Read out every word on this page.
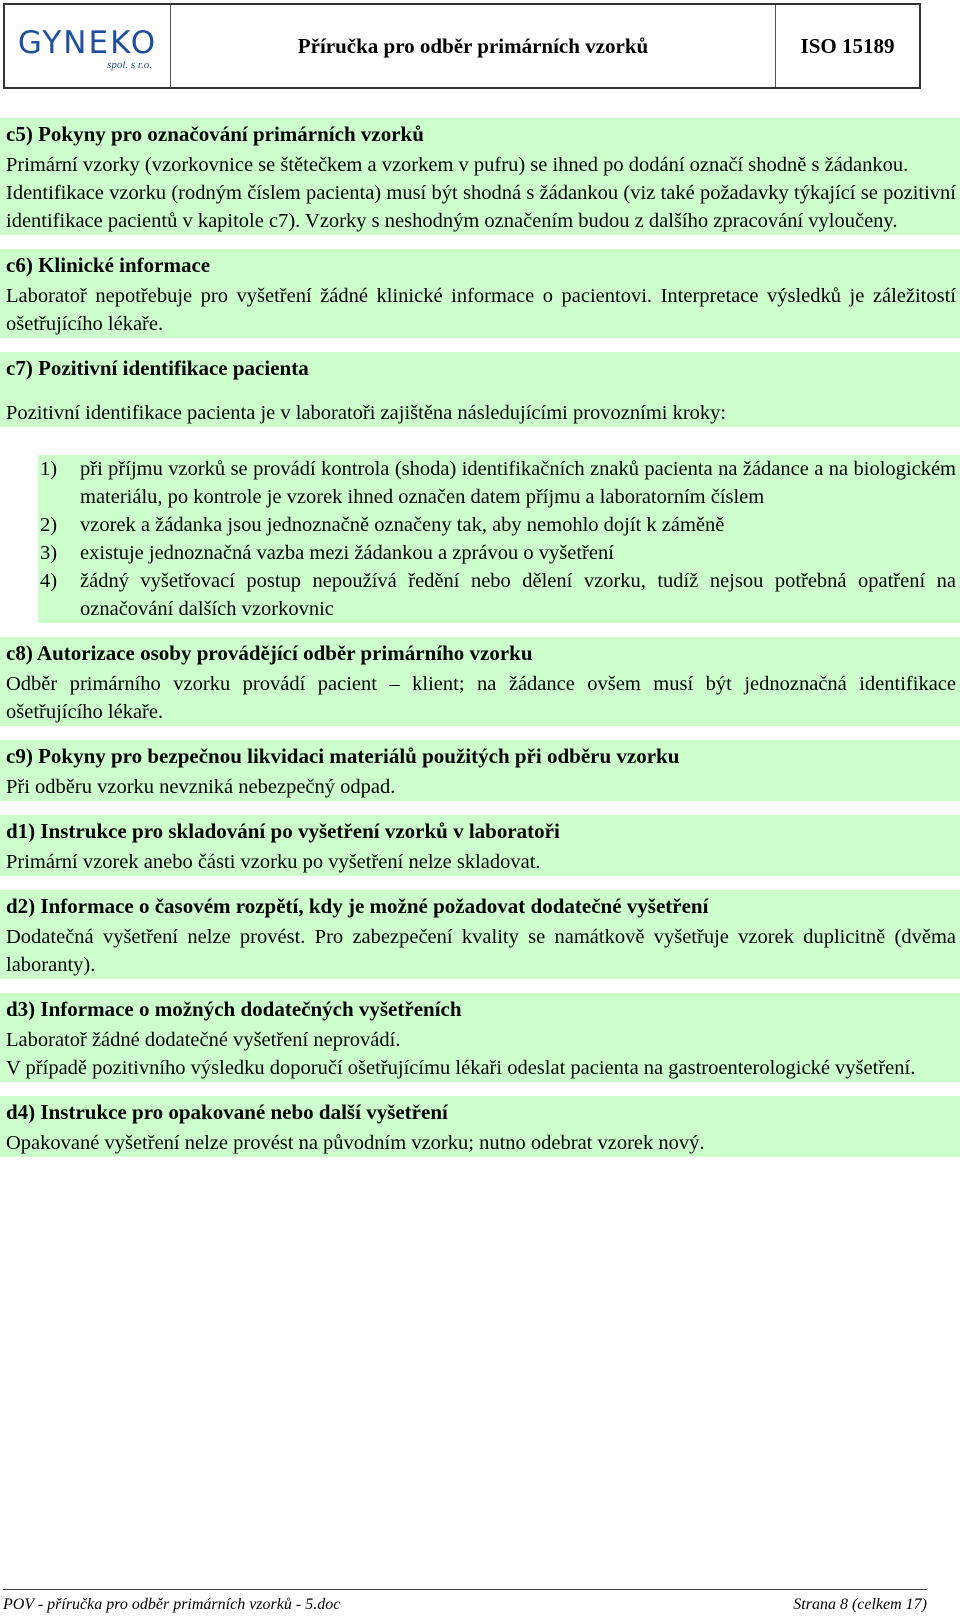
GYNEKO
spol. s r.o.
Příručka pro odběr primárních vzorků	ISO 15189
c5) Pokyny pro označování primárních vzorků

Primární vzorky (vzorkovnice se štětečkem a vzorkem v pufru) se ihned po dodání označí shodně s žádankou.

Identifikace vzorku (rodným číslem pacienta) musí být shodná s žádankou (viz také požadavky týkající se pozitivní identifikace pacientů v kapitole c7). Vzorky s neshodným označením budou z dalšího zpracování vyloučeny.

c6) Klinické informace

Laboratoř nepotřebuje pro vyšetření žádné klinické informace o pacientovi. Interpretace výsledků je záležitostí ošetřujícího lékaře.

c7) Pozitivní identifikace pacienta

Pozitivní identifikace pacienta je v laboratoři zajištěna následujícími provozními kroky:

1)	při příjmu vzorků se provádí kontrola (shoda) identifikačních znaků pacienta na žádance a na biologickém materiálu, po kontrole je vzorek ihned označen datem příjmu a laboratorním číslem
2)	vzorek a žádanka jsou jednoznačně označeny tak, aby nemohlo dojít k záměně
3)	existuje jednoznačná vazba mezi žádankou a zprávou o vyšetření
4)	žádný vyšetřovací postup nepoužívá ředění nebo dělení vzorku, tudíž nejsou potřebná opatření na označování dalších vzorkovnic
c8) Autorizace osoby provádějící odběr primárního vzorku

Odběr primárního vzorku provádí pacient – klient; na žádance ovšem musí být jednoznačná identifikace ošetřujícího lékaře.

c9) Pokyny pro bezpečnou likvidaci materiálů použitých při odběru vzorku

Při odběru vzorku nevzniká nebezpečný odpad.

d1) Instrukce pro skladování po vyšetření vzorků v laboratoři

Primární vzorek anebo části vzorku po vyšetření nelze skladovat.

d2) Informace o časovém rozpětí, kdy je možné požadovat dodatečné vyšetření

Dodatečná vyšetření nelze provést. Pro zabezpečení kvality se namátkově vyšetřuje vzorek duplicitně (dvěma laboranty).

d3) Informace o možných dodatečných vyšetřeních

Laboratoř žádné dodatečné vyšetření neprovádí.

V případě pozitivního výsledku doporučí ošetřujícímu lékaři odeslat pacienta na gastroenterologické vyšetření.

d4) Instrukce pro opakované nebo další vyšetření

Opakované vyšetření nelze provést na původním vzorku; nutno odebrat vzorek nový.

POV - příručka pro odběr primárních vzorků - 5.doc	Strana 8 (celkem 17)
